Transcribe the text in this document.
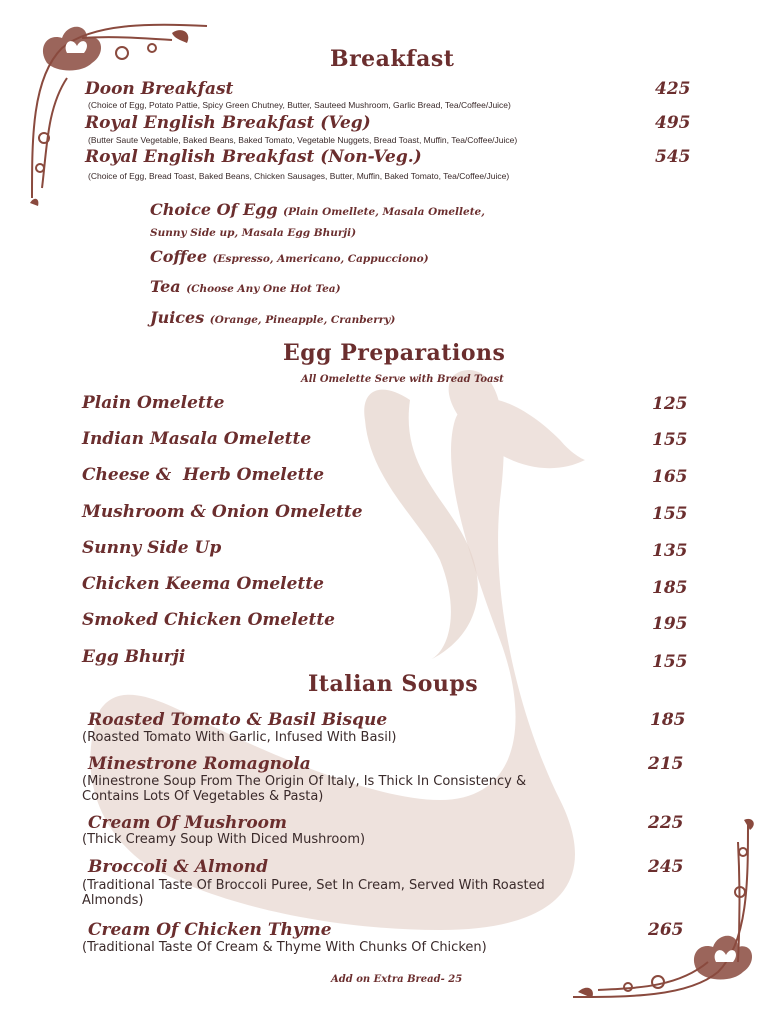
Breakfast
Doon Breakfast	425
(Choice of Egg, Potato Pattie, Spicy Green Chutney, Butter, Sauteed Mushroom, Garlic Bread, Tea/Coffee/Juice)
Royal English Breakfast (Veg)	495
(Butter Saute Vegetable, Baked Beans, Baked Tomato, Vegetable Nuggets, Bread Toast, Muffin, Tea/Coffee/Juice)
Royal English Breakfast (Non-Veg.)	545
(Choice of Egg, Bread Toast, Baked Beans, Chicken Sausages, Butter, Muffin, Baked Tomato, Tea/Coffee/Juice)
Choice Of Egg (Plain Omellete, Masala Omellete,
Sunny Side up, Masala Egg Bhurji)
Coffee (Espresso, Americano, Cappucciono)
Tea (Choose Any One Hot Tea)
Juices (Orange, Pineapple, Cranberry)
Egg Preparations
All Omelette Serve with Bread Toast
Plain Omelette	125
Indian Masala Omelette	155
Cheese &  Herb Omelette	165
Mushroom & Onion Omelette	155
Sunny Side Up	135
Chicken Keema Omelette	185
Smoked Chicken Omelette	195
Egg Bhurji	155
Italian Soups
Roasted Tomato & Basil Bisque	185
(Roasted Tomato With Garlic, Infused With Basil)
Minestrone Romagnola	215
(Minestrone Soup From The Origin Of Italy, Is Thick In Consistency & Contains Lots Of Vegetables & Pasta)
Cream Of Mushroom	225
(Thick Creamy Soup With Diced Mushroom)
Broccoli & Almond	245
(Traditional Taste Of Broccoli Puree, Set In Cream, Served With Roasted Almonds)
Cream Of Chicken Thyme	265
(Traditional Taste Of Cream & Thyme With Chunks Of Chicken)
Add on Extra Bread- 25
